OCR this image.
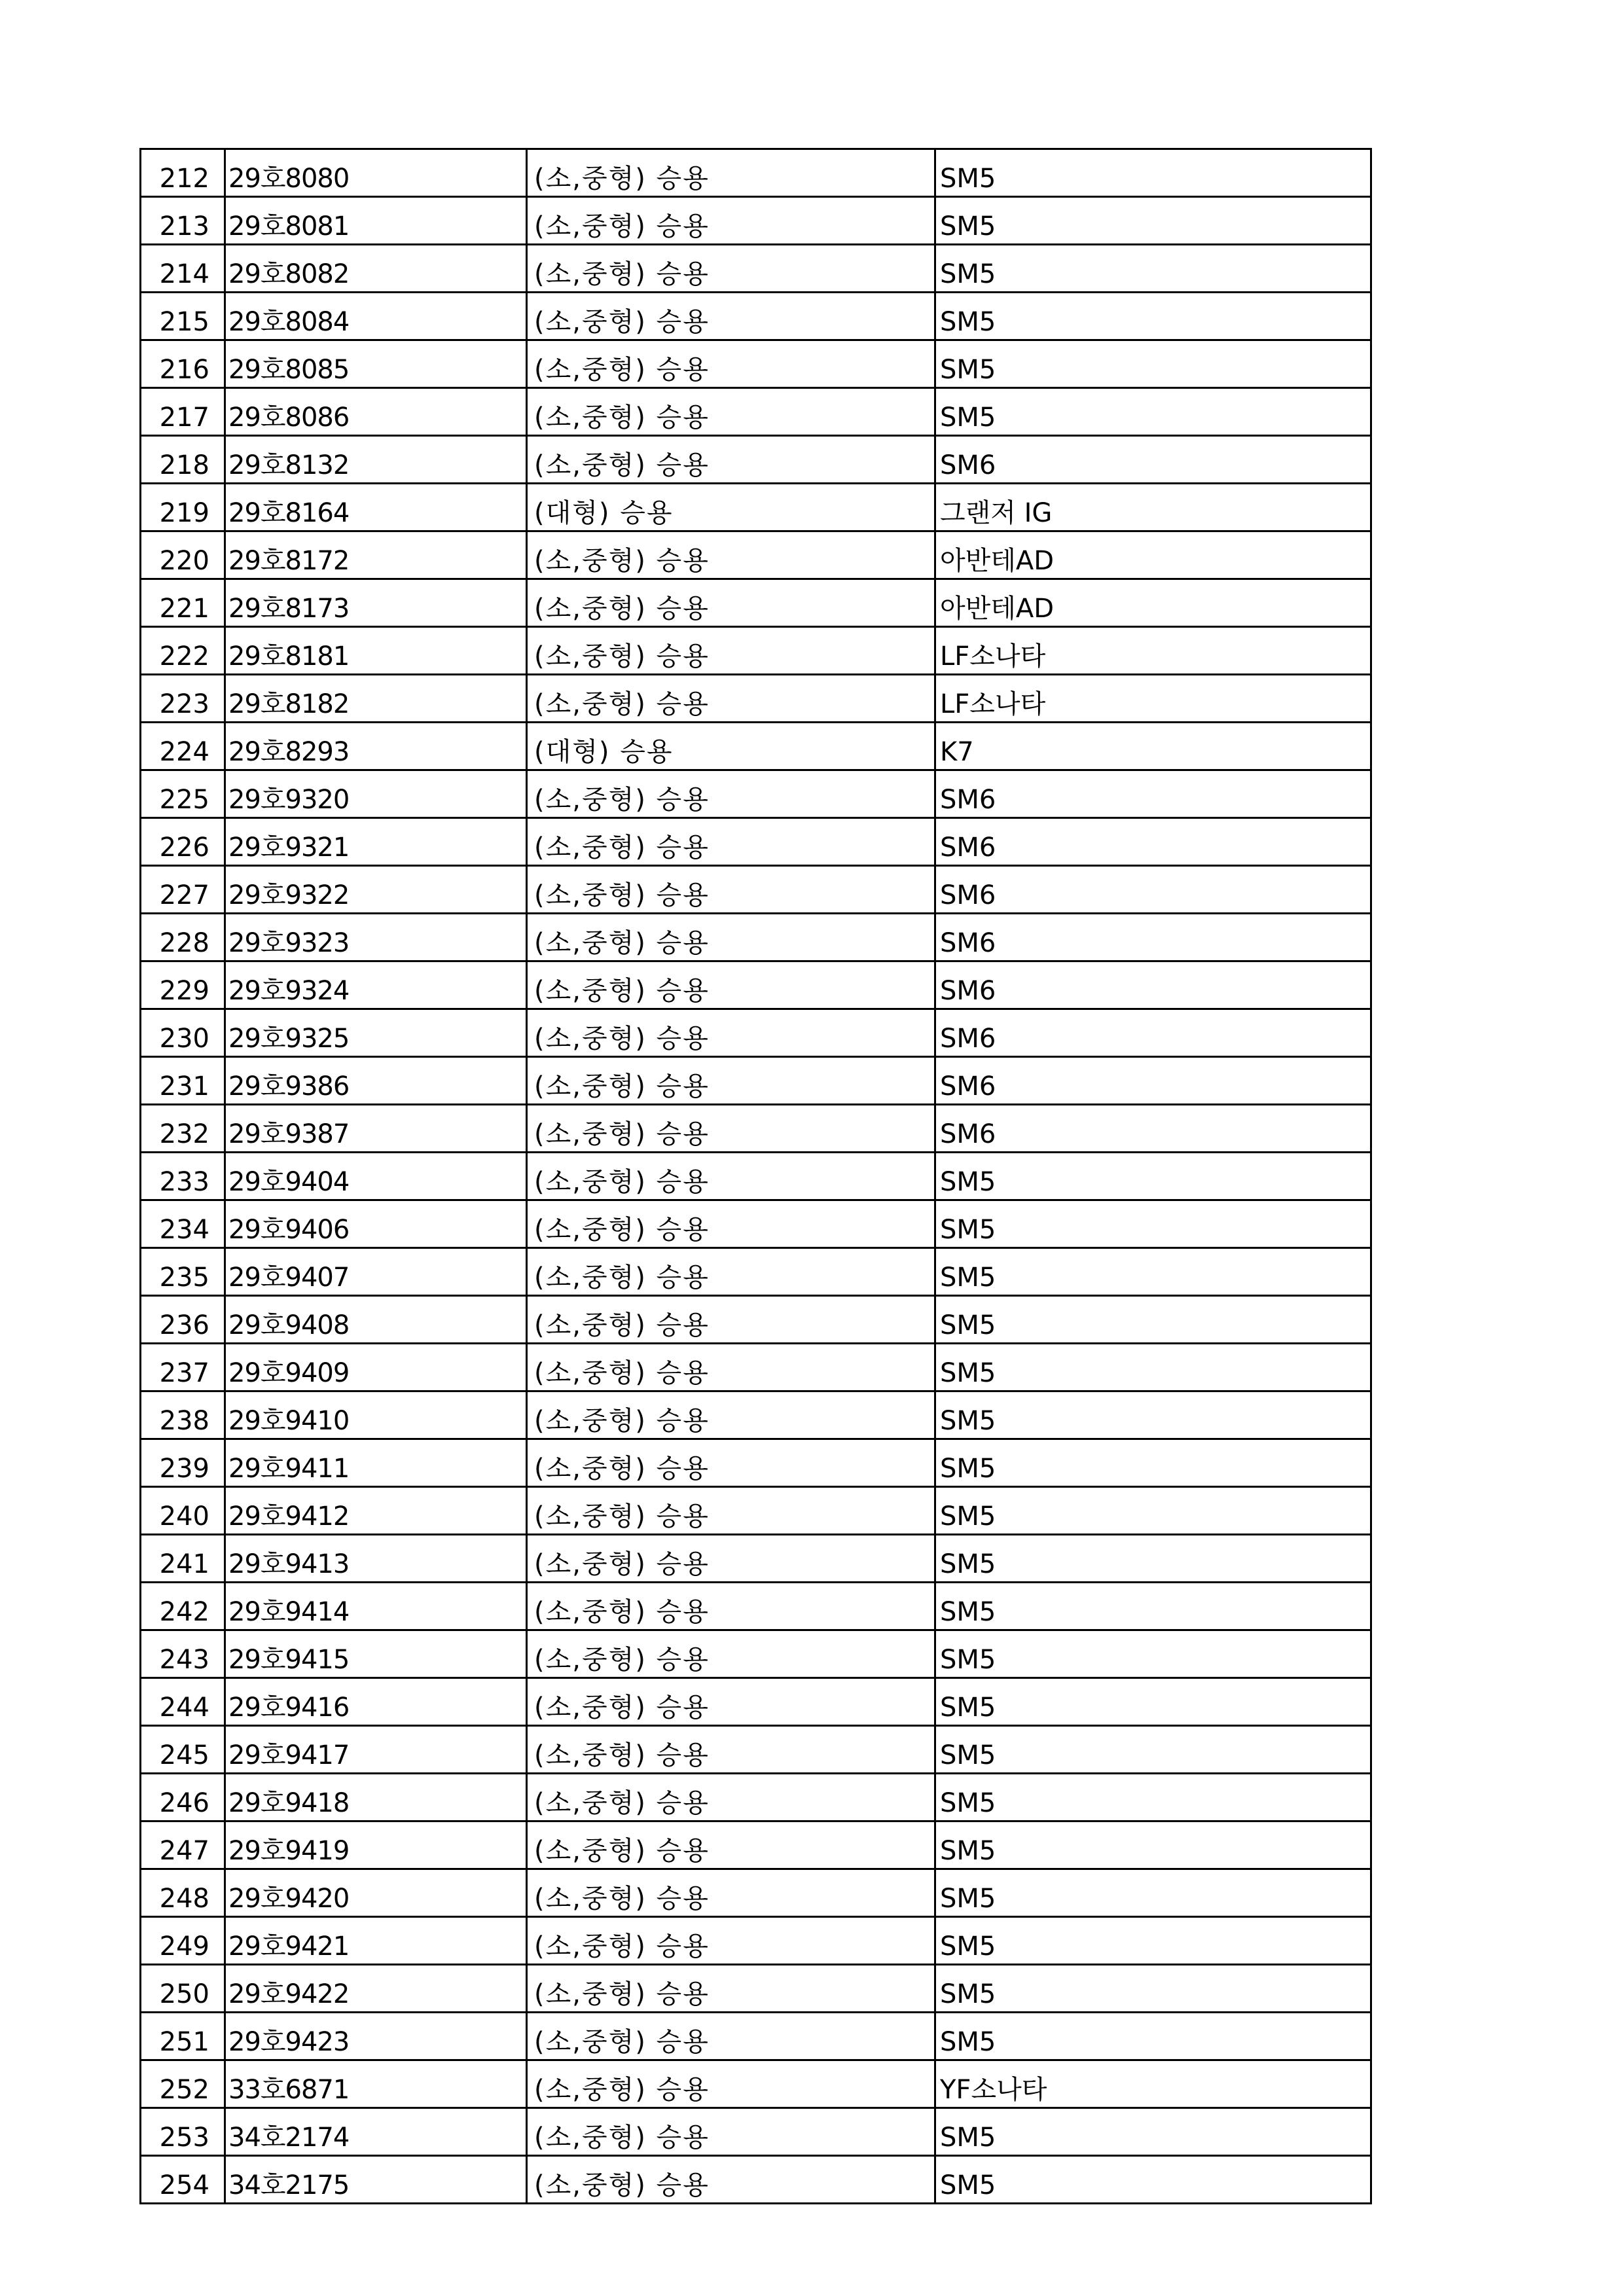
212	29호8080	(소,중형) 승용	SM5
213	29호8081	(소,중형) 승용	SM5
214	29호8082	(소,중형) 승용	SM5
215	29호8084	(소,중형) 승용	SM5
216	29호8085	(소,중형) 승용	SM5
217	29호8086	(소,중형) 승용	SM5
218	29호8132	(소,중형) 승용	SM6
219	29호8164	(대형) 승용	그랜저 IG
220	29호8172	(소,중형) 승용	아반테AD
221	29호8173	(소,중형) 승용	아반테AD
222	29호8181	(소,중형) 승용	LF소나타
223	29호8182	(소,중형) 승용	LF소나타
224	29호8293	(대형) 승용	K7
225	29호9320	(소,중형) 승용	SM6
226	29호9321	(소,중형) 승용	SM6
227	29호9322	(소,중형) 승용	SM6
228	29호9323	(소,중형) 승용	SM6
229	29호9324	(소,중형) 승용	SM6
230	29호9325	(소,중형) 승용	SM6
231	29호9386	(소,중형) 승용	SM6
232	29호9387	(소,중형) 승용	SM6
233	29호9404	(소,중형) 승용	SM5
234	29호9406	(소,중형) 승용	SM5
235	29호9407	(소,중형) 승용	SM5
236	29호9408	(소,중형) 승용	SM5
237	29호9409	(소,중형) 승용	SM5
238	29호9410	(소,중형) 승용	SM5
239	29호9411	(소,중형) 승용	SM5
240	29호9412	(소,중형) 승용	SM5
241	29호9413	(소,중형) 승용	SM5
242	29호9414	(소,중형) 승용	SM5
243	29호9415	(소,중형) 승용	SM5
244	29호9416	(소,중형) 승용	SM5
245	29호9417	(소,중형) 승용	SM5
246	29호9418	(소,중형) 승용	SM5
247	29호9419	(소,중형) 승용	SM5
248	29호9420	(소,중형) 승용	SM5
249	29호9421	(소,중형) 승용	SM5
250	29호9422	(소,중형) 승용	SM5
251	29호9423	(소,중형) 승용	SM5
252	33호6871	(소,중형) 승용	YF소나타
253	34호2174	(소,중형) 승용	SM5
254	34호2175	(소,중형) 승용	SM5
